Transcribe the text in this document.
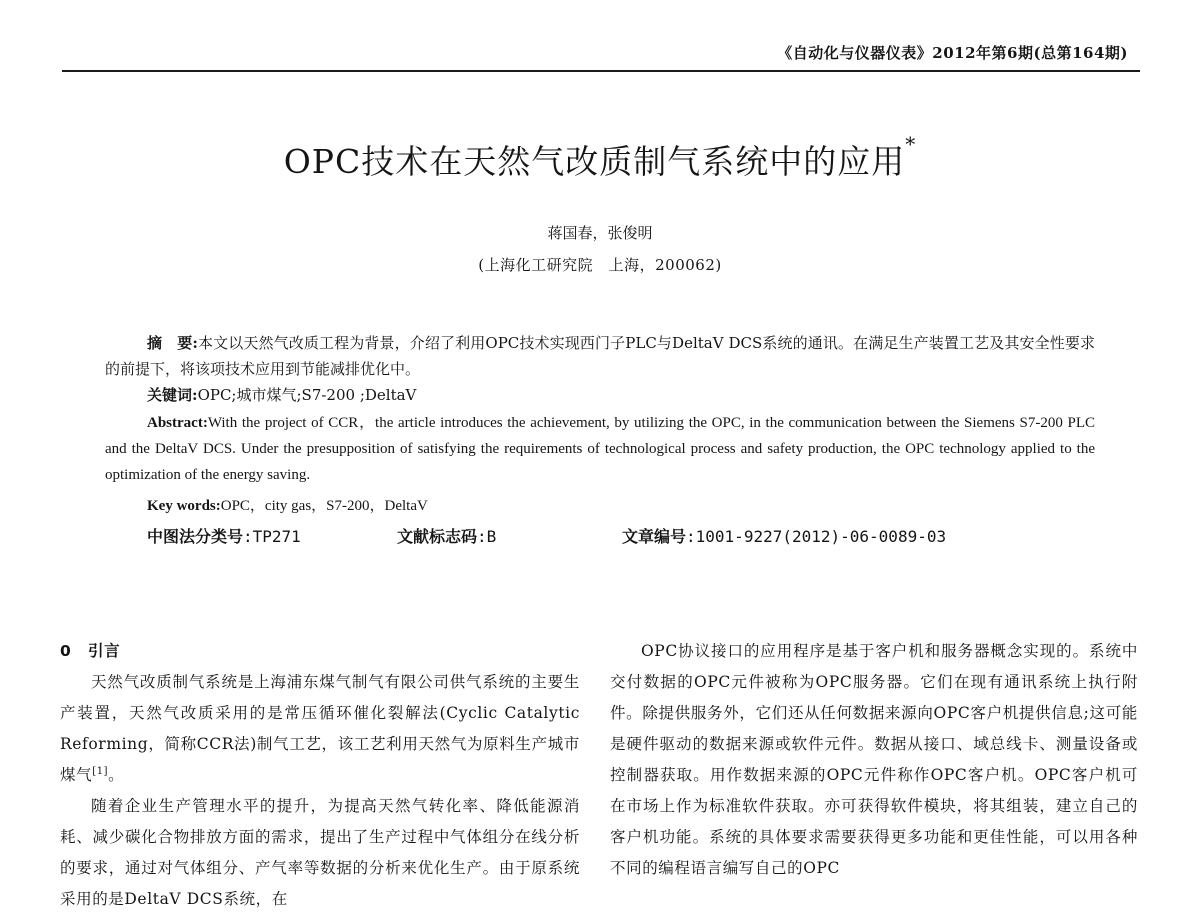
《自动化与仪器仪表》2012年第6期(总第164期)
OPC技术在天然气改质制气系统中的应用*
蒋国春，张俊明
(上海化工研究院　上海，200062)
摘　要:本文以天然气改质工程为背景，介绍了利用OPC技术实现西门子PLC与DeltaV DCS系统的通讯。在满足生产装置工艺及其安全性要求的前提下，将该项技术应用到节能减排优化中。
关键词:OPC;城市煤气;S7-200 ;DeltaV
Abstract:With the project of CCR，the article introduces the achievement, by utilizing the OPC, in the communication between the Siemens S7-200 PLC and the DeltaV DCS. Under the presupposition of satisfying the requirements of technological process and safety production, the OPC technology applied to the optimization of the energy saving.
Key words:OPC，city gas，S7-200，DeltaV
中图法分类号:TP271	文献标志码:B	文章编号:1001-9227(2012)-06-0089-03

0 引言

天然气改质制气系统是上海浦东煤气制气有限公司供气系统的主要生产装置，天然气改质采用的是常压循环催化裂解法(Cyclic Catalytic Reforming，简称CCR法)制气工艺，该工艺利用天然气为原料生产城市煤气[1]。

随着企业生产管理水平的提升，为提高天然气转化率、降低能源消耗、减少碳化合物排放方面的需求，提出了生产过程中气体组分在线分析的要求，通过对气体组分、产气率等数据的分析来优化生产。由于原系统采用的是DeltaV DCS系统，在

OPC协议接口的应用程序是基于客户机和服务器概念实现的。系统中交付数据的OPC元件被称为OPC服务器。它们在现有通讯系统上执行附件。除提供服务外，它们还从任何数据来源向OPC客户机提供信息;这可能是硬件驱动的数据来源或软件元件。数据从接口、域总线卡、测量设备或控制器获取。用作数据来源的OPC元件称作OPC客户机。OPC客户机可在市场上作为标准软件获取。亦可获得软件模块，将其组装，建立自己的客户机功能。系统的具体要求需要获得更多功能和更佳性能，可以用各种不同的编程语言编写自己的OPC
